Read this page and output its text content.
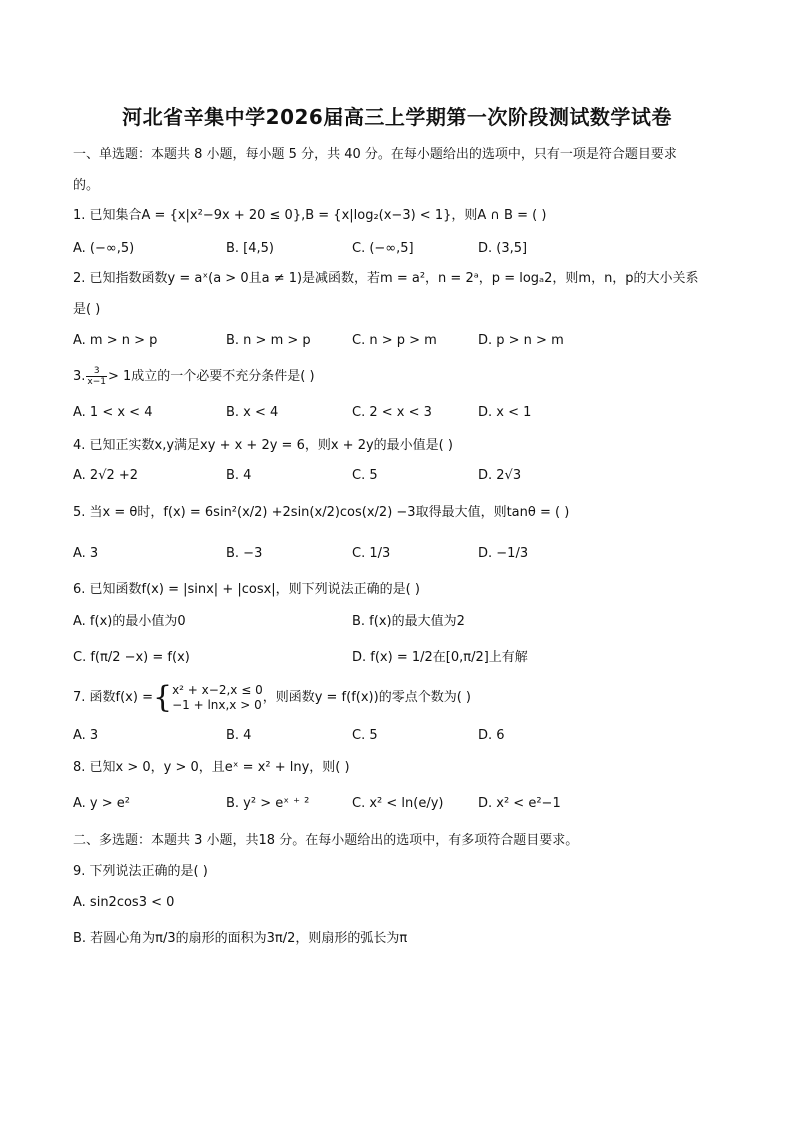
河北省辛集中学2026届高三上学期第一次阶段测试数学试卷
一、单选题：本题共 8 小题，每小题 5 分，共 40 分。在每小题给出的选项中，只有一项是符合题目要求
的。
1. 已知集合A = {x|x²−9x + 20 ≤ 0},B = {x|log₂(x−3) < 1}，则A ∩ B = ( )
A. (−∞,5)	B. [4,5)	C. (−∞,5]	D. (3,5]
2. 已知指数函数y = aˣ(a > 0且a ≠ 1)是减函数，若m = a²，n = 2ᵃ，p = logₐ2，则m，n，p的大小关系
是( )
A. m > n > p	B. n > m > p	C. n > p > m	D. p > n > m
3. $\frac{3}{x-1} > 1$成立的一个必要不充分条件是( )
A. 1 < x < 4	B. x < 4	C. 2 < x < 3	D. x < 1
4. 已知正实数x,y满足xy + x + 2y = 6，则x + 2y的最小值是( )
A. 2√2 +2	B. 4	C. 5	D. 2√3
5. 当x = θ时，f(x) = 6sin²(x/2) +2sin(x/2)cos(x/2) −3取得最大值，则tanθ = ( )
A. 3	B. −3	C. 1/3	D. −1/3
6. 已知函数f(x) = |sinx| + |cosx|，则下列说法正确的是( )
A. f(x)的最小值为0	B. f(x)的最大值为2
C. f(π/2 −x) = f(x)	D. f(x) = 1/2在[0,π/2]上有解
7. 函数f(x) ={ x² + x−2,x ≤ 0
−1 + lnx,x > 0 ，则函数y = f(f(x))的零点个数为( )
A. 3	B. 4	C. 5	D. 6
8. 已知x > 0，y > 0，且eˣ = x² + lny，则( )
A. y > e²	B. y² > eˣ ⁺ ²	C. x² < ln(e/y)	D. x² < e²−1
二、多选题：本题共 3 小题，共18 分。在每小题给出的选项中，有多项符合题目要求。
9. 下列说法正确的是( )
A. sin2cos3 < 0
B. 若圆心角为π/3的扇形的面积为3π/2，则扇形的弧长为π
